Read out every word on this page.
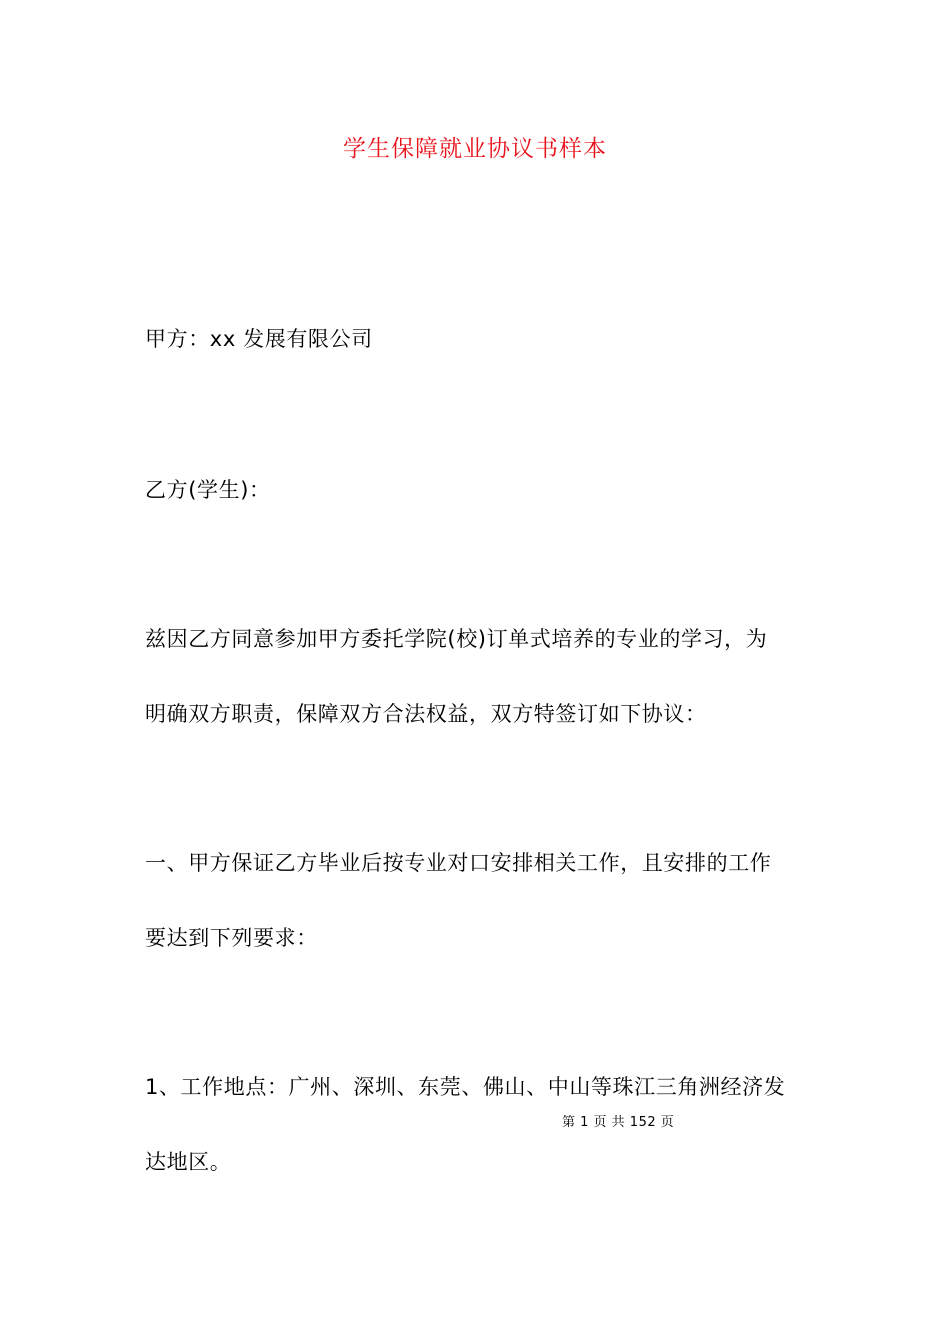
学生保障就业协议书样本
甲方：xx 发展有限公司
乙方(学生)：
兹因乙方同意参加甲方委托学院(校)订单式培养的专业的学习，为
明确双方职责，保障双方合法权益，双方特签订如下协议：
一、甲方保证乙方毕业后按专业对口安排相关工作，且安排的工作
要达到下列要求：
1、工作地点：广州、深圳、东莞、佛山、中山等珠江三角洲经济发
达地区。
第 1 页 共 152 页
